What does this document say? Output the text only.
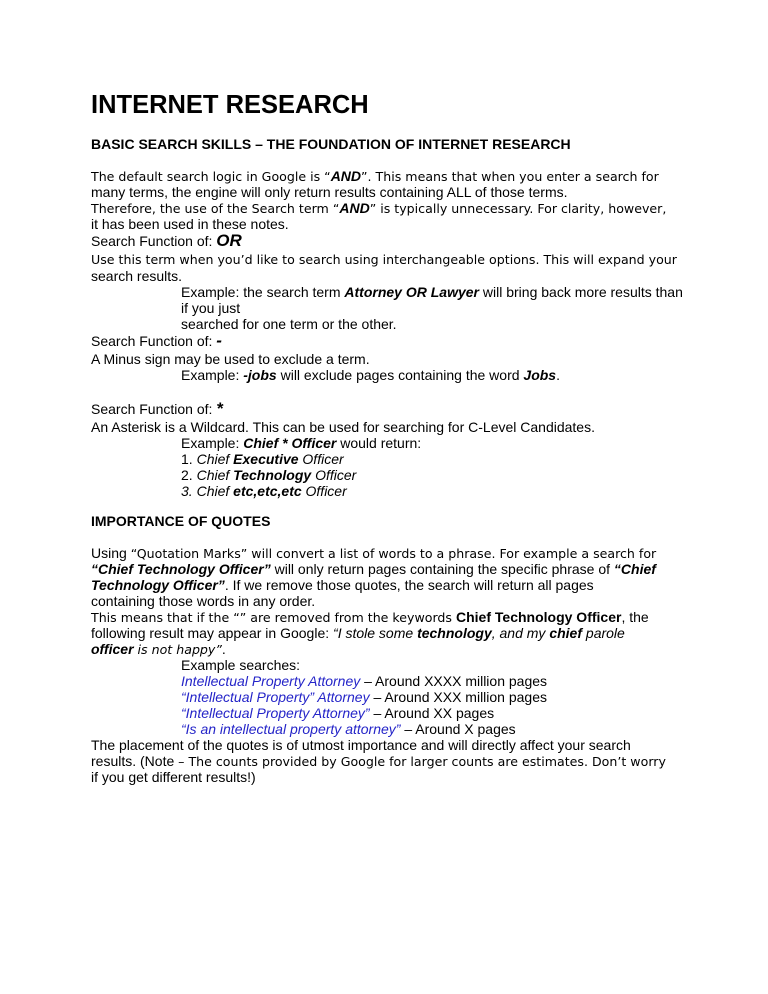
INTERNET RESEARCH
BASIC SEARCH SKILLS – THE FOUNDATION OF INTERNET RESEARCH
The default search logic in Google is “AND”. This means that when you enter a search for
many terms, the engine will only return results containing ALL of those terms.
Therefore, the use of the Search term “AND” is typically unnecessary. For clarity, however,
it has been used in these notes.
Search Function of: OR
Use this term when you’d like to search using interchangeable options. This will expand your
search results.
Example: the search term Attorney OR Lawyer will bring back more results than
if you just
searched for one term or the other.
Search Function of: -
A Minus sign may be used to exclude a term.
Example: -jobs will exclude pages containing the word Jobs.
Search Function of: *
An Asterisk is a Wildcard. This can be used for searching for C-Level Candidates.
Example: Chief * Officer would return:
1. Chief Executive Officer
2. Chief Technology Officer
3. Chief etc,etc,etc Officer
IMPORTANCE OF QUOTES
Using “Quotation Marks” will convert a list of words to a phrase. For example a search for
“Chief Technology Officer” will only return pages containing the specific phrase of “Chief
Technology Officer”. If we remove those quotes, the search will return all pages
containing those words in any order.
This means that if the “” are removed from the keywords Chief Technology Officer, the
following result may appear in Google: “I stole some technology, and my chief parole
officer is not happy”.
Example searches:
Intellectual Property Attorney – Around XXXX million pages
“Intellectual Property” Attorney – Around XXX million pages
“Intellectual Property Attorney” – Around XX pages
“Is an intellectual property attorney” – Around X pages
The placement of the quotes is of utmost importance and will directly affect your search
results. (Note – The counts provided by Google for larger counts are estimates. Don’t worry
if you get different results!)
